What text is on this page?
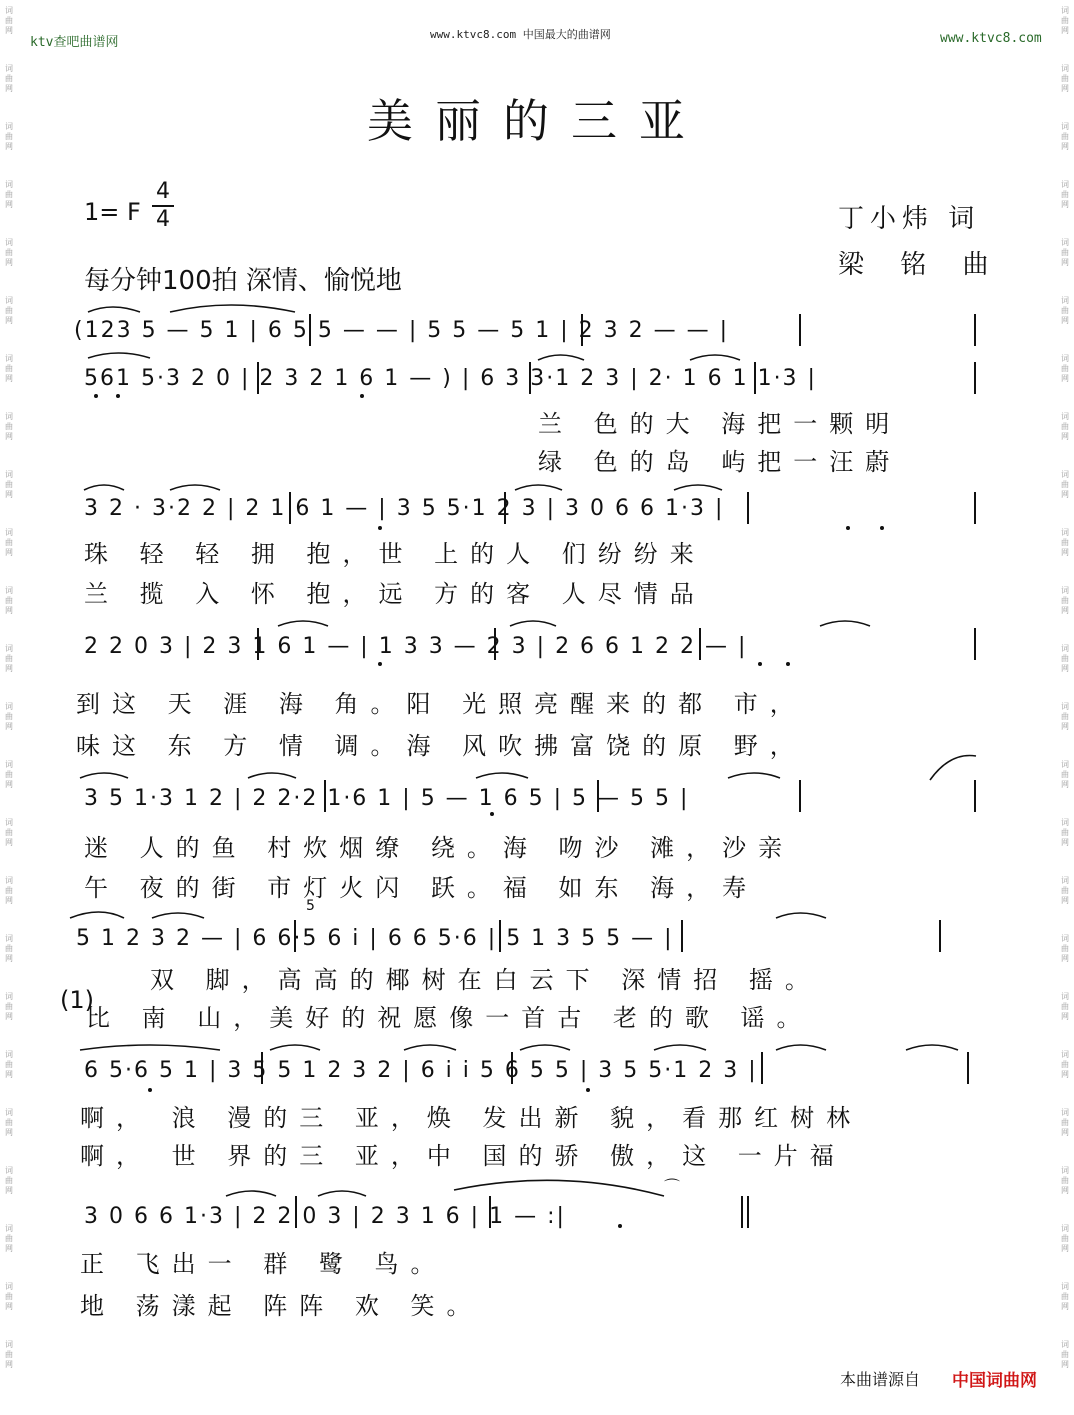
词
曲
网
词
曲
网
词
曲
网
词
曲
网
词
曲
网
词
曲
网
词
曲
网
词
曲
网
词
曲
网
词
曲
网
词
曲
网
词
曲
网
词
曲
网
词
曲
网
词
曲
网
词
曲
网
词
曲
网
词
曲
网
词
曲
网
词
曲
网
词
曲
网
词
曲
网
词
曲
网
词
曲
网
词
曲
网
词
曲
网
词
曲
网
词
曲
网
词
曲
网
词
曲
网
词
曲
网
词
曲
网
词
曲
网
词
曲
网
词
曲
网
词
曲
网
词
曲
网
词
曲
网
词
曲
网
词
曲
网
词
曲
网
词
曲
网
词
曲
网
词
曲
网
词
曲
网
词
曲
网
词
曲
网
词
曲
网
ktv查吧曲谱网
www.ktvc8.com 中国最大的曲谱网	www.ktvc8.com
美丽的三亚
1= F
4
4	丁小炜 词
梁 铭 曲
每分钟100拍 深情、愉悦地
(123 5 — 5 1 | 6 5 5 — — | 5 5 — 5 1 | 2 3 2 — — |
561 5·3 2 0 | 2 3 2 1 6 1 — ) | 6 3 3·1 2 3 | 2· 1 6 1 1·3 |
3 2 · 3·2 2 | 2 1 6 1 — | 3 5 5·1 2 3 | 3 0 6 6 1·3 |
2 2 0 3 | 2 3 1 6 1 — | 1 3 3 — 2 3 | 2 6 6 1 2 2 — |
3 5 1·3 1 2 | 2 2·2 1·6 1 | 5 — 1 6 5 | 5 — 5 5 |
5 1 2 3 2 — | 6 6·5 6 i | 6 6 5·6 | 5 1 3 5 5 — |
6 5·6 5 1 | 3 5 5 1 2 3 2 | 6 i i 5 6 5 5 | 3 5 5·1 2 3 |
3 0 6 6 1·3 | 2 2 0 3 | 2 3 1 6 | 1 — :|
5
⌒
兰 色的大 海把一颗明
绿 色的岛 屿把一汪蔚
珠 轻 轻 拥 抱，世 上的人 们纷纷来
兰 揽 入 怀 抱，远 方的客 人尽情品
到这 天 涯 海 角。阳 光照亮醒来的都 市，
味这 东 方 情 调。海 风吹拂富饶的原 野，
迷 人的鱼 村炊烟缭 绕。海 吻沙 滩，沙亲
午 夜的街 市灯火闪 跃。福 如东 海，寿
(1)
双 脚，高高的椰树在白云下 深情招 摇。
比 南 山，美好的祝愿像一首古 老的歌 谣。
啊， 浪 漫的三 亚，焕 发出新 貌，看那红树林
啊， 世 界的三 亚，中 国的骄 傲，这 一片福
正 飞出一 群 鹭 鸟。
地 荡漾起 阵阵 欢 笑。
本曲谱源自 中国词曲网
